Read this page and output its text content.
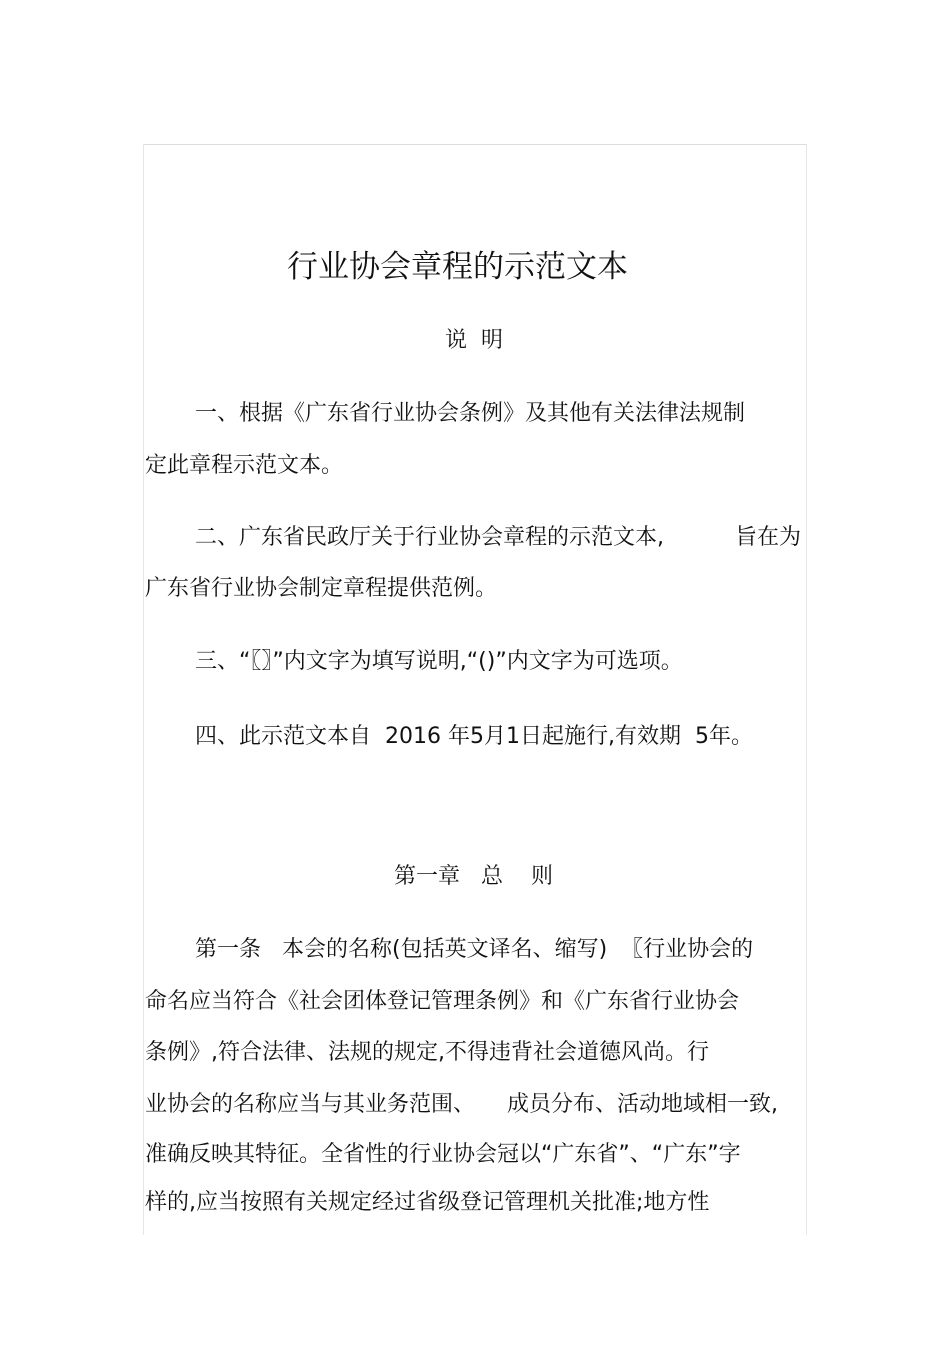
行业协会章程的示范文本
说  明
一、根据《广东省行业协会条例》及其他有关法律法规制
定此章程示范文本。
二、广东省民政厅关于行业协会章程的示范文本,	旨在为
广东省行业协会制定章程提供范例。
三、“〖〗”内文字为填写说明,“()”内文字为可选项。
四、此示范文本自  2016 年5月1日起施行,有效期  5年。
第一章   总    则
第一条   本会的名称(包括英文译名、缩写)  〖行业协会的
命名应当符合《社会团体登记管理条例》和《广东省行业协会
条例》,符合法律、法规的规定,不得违背社会道德风尚。行
业协会的名称应当与其业务范围、 成员分布、活动地域相一致,
准确反映其特征。全省性的行业协会冠以“广东省”、“广东”字
样的,应当按照有关规定经过省级登记管理机关批准;地方性
